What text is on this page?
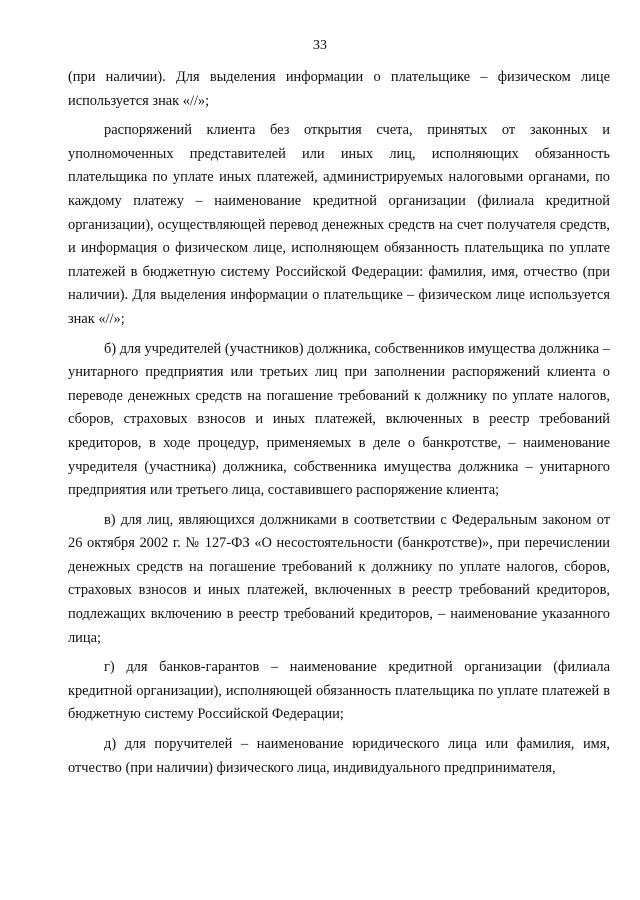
33

(при наличии). Для выделения информации о плательщике – физическом лице используется знак «//»;

распоряжений клиента без открытия счета, принятых от законных и уполномоченных представителей или иных лиц, исполняющих обязанность плательщика по уплате иных платежей, администрируемых налоговыми органами, по каждому платежу – наименование кредитной организации (филиала кредитной организации), осуществляющей перевод денежных средств на счет получателя средств, и информация о физическом лице, исполняющем обязанность плательщика по уплате платежей в бюджетную систему Российской Федерации: фамилия, имя, отчество (при наличии). Для выделения информации о плательщике – физическом лице используется знак «//»;

б) для учредителей (участников) должника, собственников имущества должника – унитарного предприятия или третьих лиц при заполнении распоряжений клиента о переводе денежных средств на погашение требований к должнику по уплате налогов, сборов, страховых взносов и иных платежей, включенных в реестр требований кредиторов, в ходе процедур, применяемых в деле о банкротстве, – наименование учредителя (участника) должника, собственника имущества должника – унитарного предприятия или третьего лица, составившего распоряжение клиента;

в) для лиц, являющихся должниками в соответствии с Федеральным законом от 26 октября 2002 г. № 127-ФЗ «О несостоятельности (банкротстве)», при перечислении денежных средств на погашение требований к должнику по уплате налогов, сборов, страховых взносов и иных платежей, включенных в реестр требований кредиторов, подлежащих включению в реестр требований кредиторов, – наименование указанного лица;

г) для банков-гарантов – наименование кредитной организации (филиала кредитной организации), исполняющей обязанность плательщика по уплате платежей в бюджетную систему Российской Федерации;

д) для поручителей – наименование юридического лица или фамилия, имя, отчество (при наличии) физического лица, индивидуального предпринимателя,
